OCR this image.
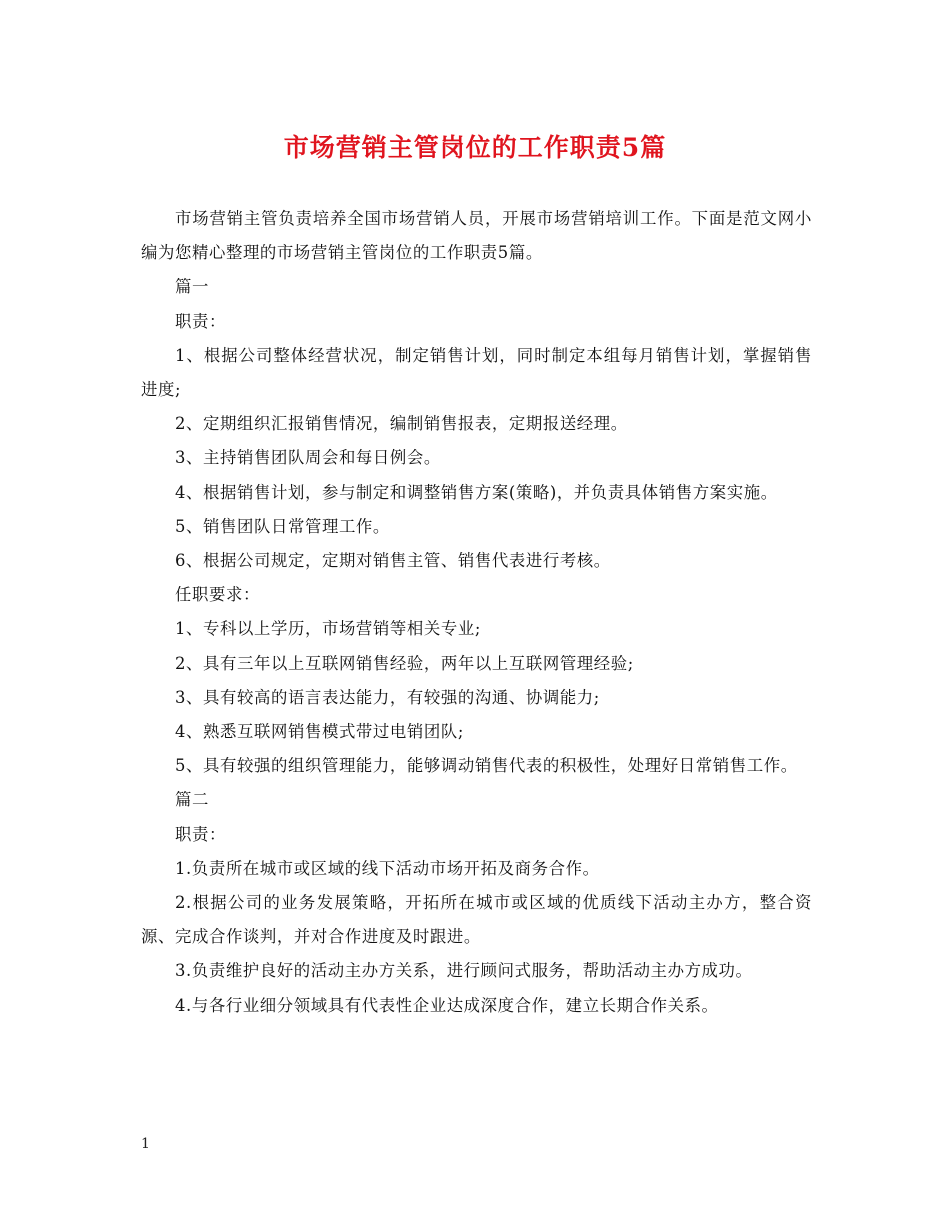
市场营销主管岗位的工作职责5篇

市场营销主管负责培养全国市场营销人员，开展市场营销培训工作。下面是范文网小编为您精心整理的市场营销主管岗位的工作职责5篇。

篇一

职责：

1、根据公司整体经营状况，制定销售计划，同时制定本组每月销售计划，掌握销售进度;

2、定期组织汇报销售情况，编制销售报表，定期报送经理。

3、主持销售团队周会和每日例会。

4、根据销售计划，参与制定和调整销售方案(策略)，并负责具体销售方案实施。

5、销售团队日常管理工作。

6、根据公司规定，定期对销售主管、销售代表进行考核。

任职要求：

1、专科以上学历，市场营销等相关专业;

2、具有三年以上互联网销售经验，两年以上互联网管理经验;

3、具有较高的语言表达能力，有较强的沟通、协调能力;

4、熟悉互联网销售模式带过电销团队;

5、具有较强的组织管理能力，能够调动销售代表的积极性，处理好日常销售工作。

篇二

职责：

1.负责所在城市或区域的线下活动市场开拓及商务合作。

2.根据公司的业务发展策略，开拓所在城市或区域的优质线下活动主办方，整合资源、完成合作谈判，并对合作进度及时跟进。

3.负责维护良好的活动主办方关系，进行顾问式服务，帮助活动主办方成功。

4.与各行业细分领域具有代表性企业达成深度合作，建立长期合作关系。

1
